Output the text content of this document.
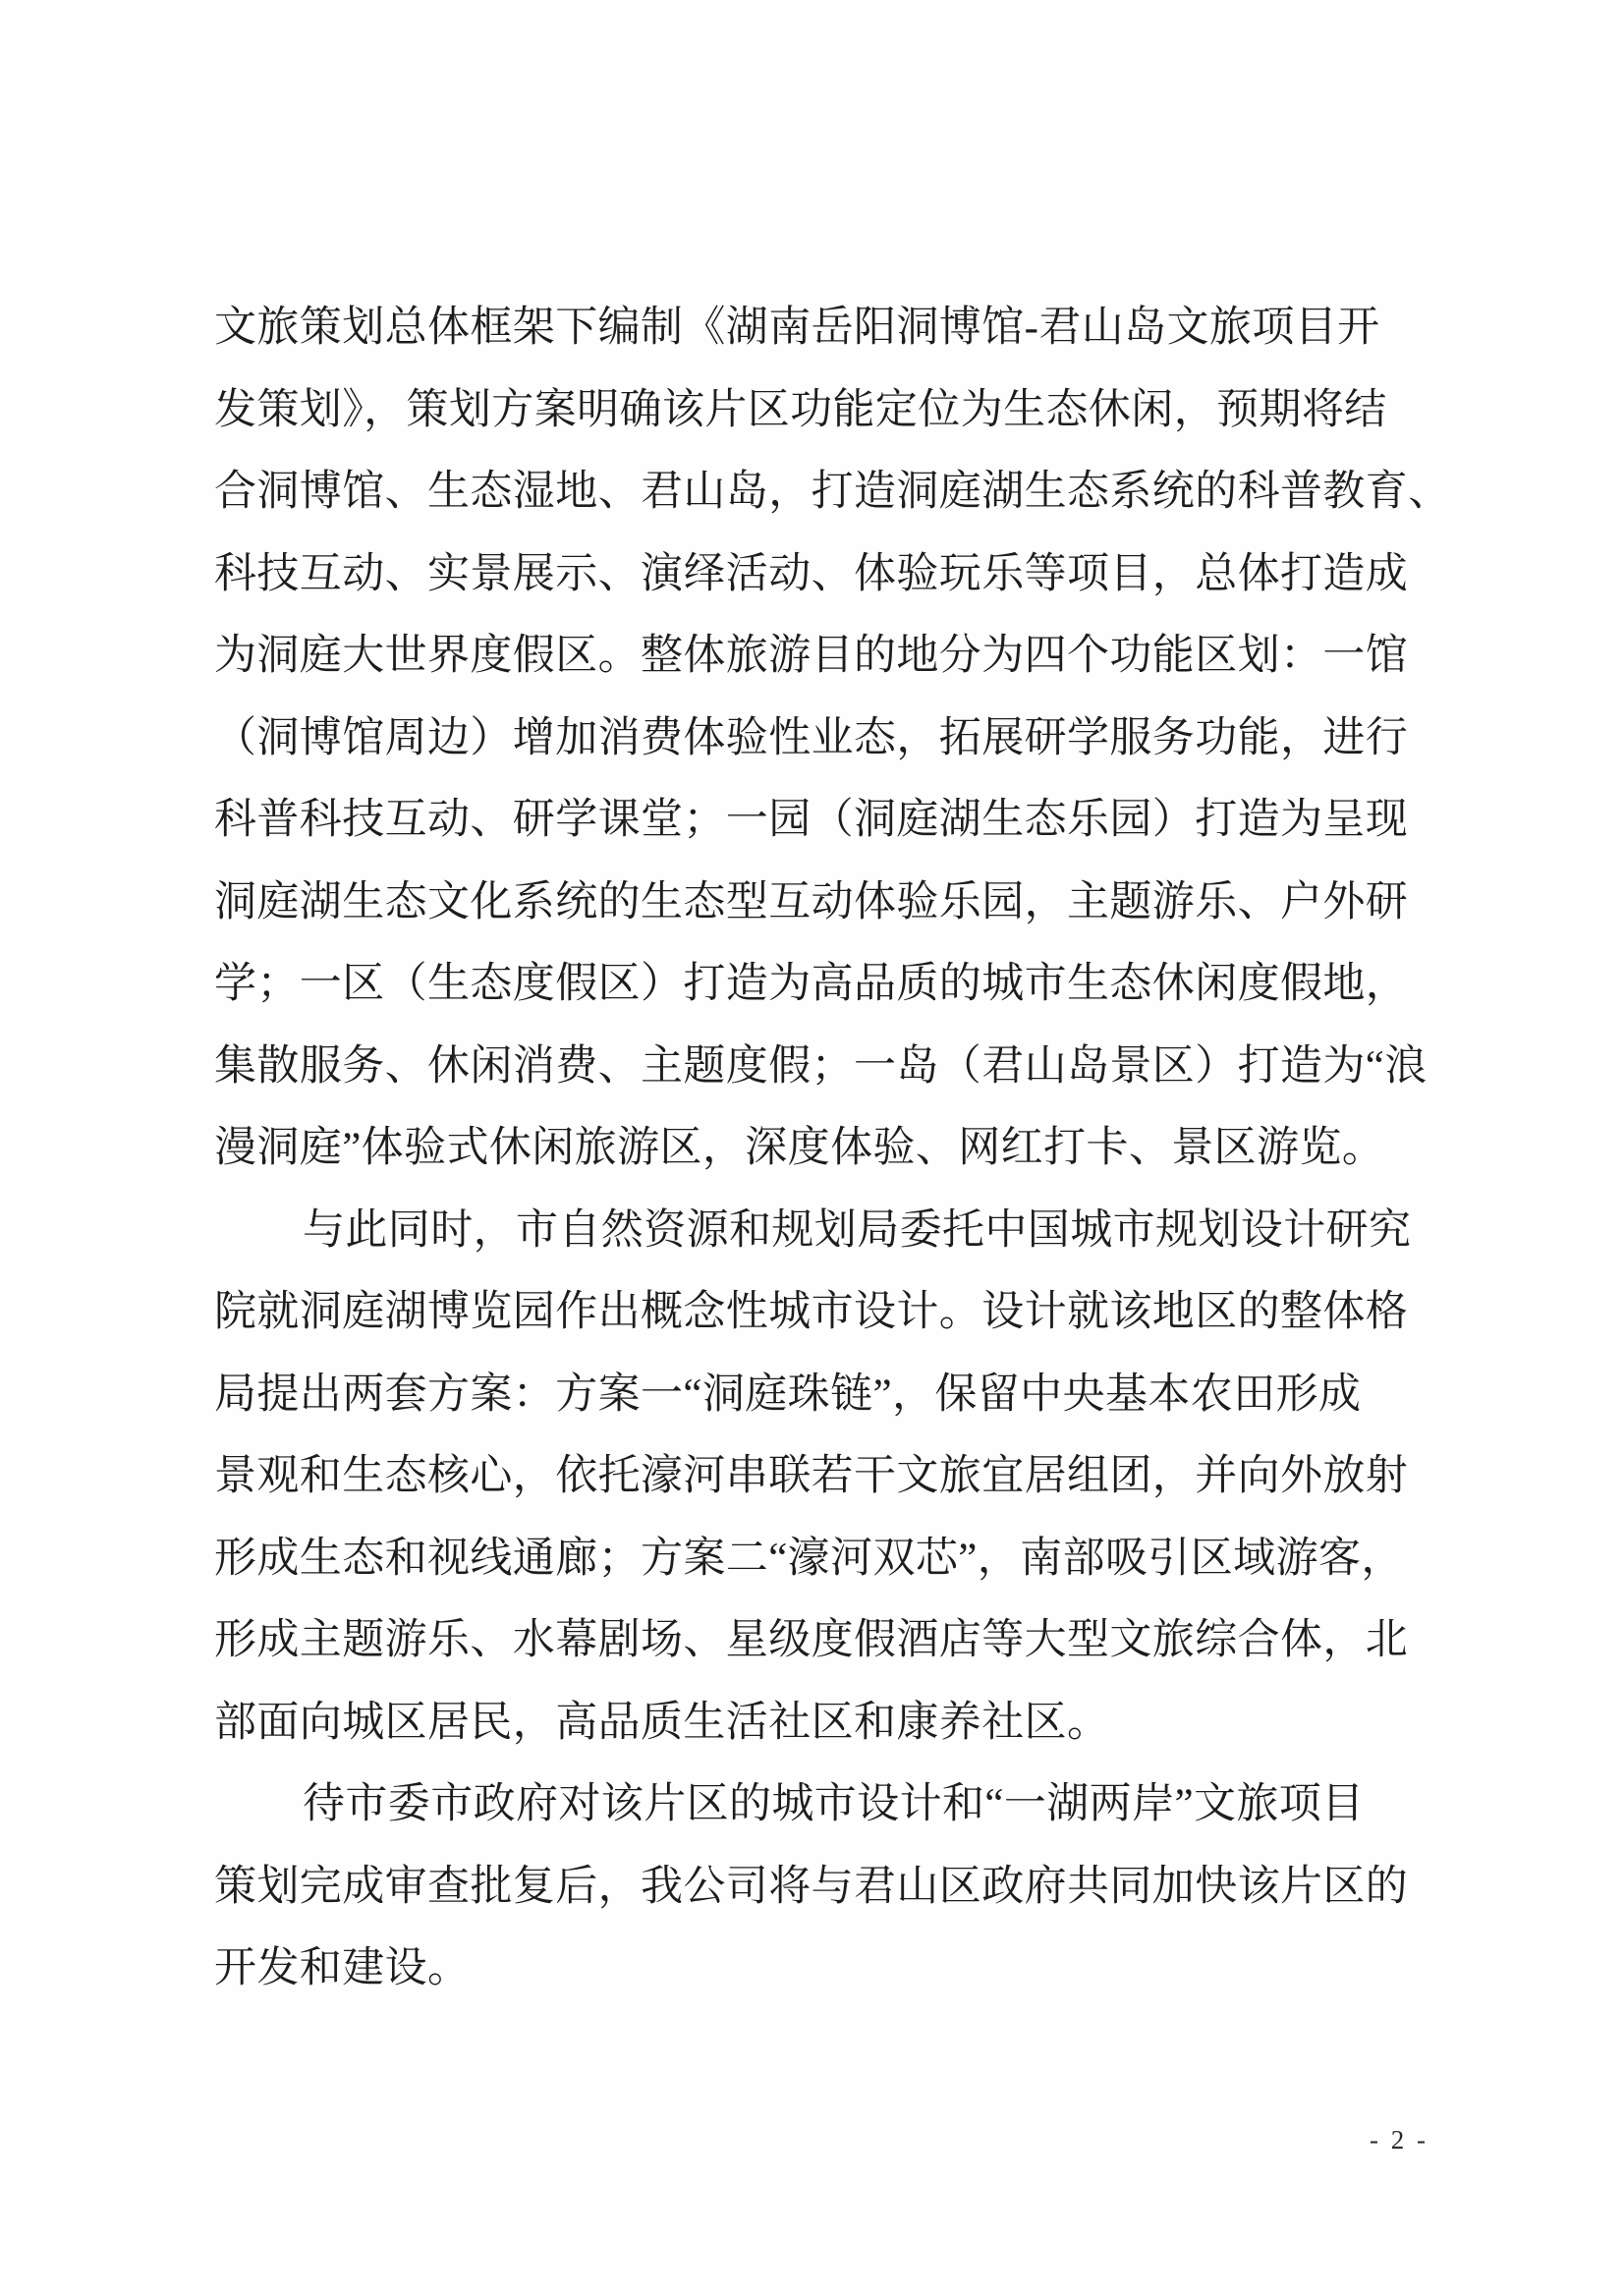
文旅策划总体框架下编制《湖南岳阳洞博馆-君山岛文旅项目开
发策划》，策划方案明确该片区功能定位为生态休闲，预期将结
合洞博馆、生态湿地、君山岛，打造洞庭湖生态系统的科普教育、
科技互动、实景展示、演绎活动、体验玩乐等项目，总体打造成
为洞庭大世界度假区。整体旅游目的地分为四个功能区划：一馆
（洞博馆周边）增加消费体验性业态，拓展研学服务功能，进行
科普科技互动、研学课堂；一园（洞庭湖生态乐园）打造为呈现
洞庭湖生态文化系统的生态型互动体验乐园，主题游乐、户外研
学；一区（生态度假区）打造为高品质的城市生态休闲度假地，
集散服务、休闲消费、主题度假；一岛（君山岛景区）打造为“浪
漫洞庭”体验式休闲旅游区，深度体验、网红打卡、景区游览。
与此同时，市自然资源和规划局委托中国城市规划设计研究
院就洞庭湖博览园作出概念性城市设计。设计就该地区的整体格
局提出两套方案：方案一“洞庭珠链”，保留中央基本农田形成
景观和生态核心，依托濠河串联若干文旅宜居组团，并向外放射
形成生态和视线通廊；方案二“濠河双芯”，南部吸引区域游客，
形成主题游乐、水幕剧场、星级度假酒店等大型文旅综合体，北
部面向城区居民，高品质生活社区和康养社区。
待市委市政府对该片区的城市设计和“一湖两岸”文旅项目
策划完成审查批复后，我公司将与君山区政府共同加快该片区的
开发和建设。
- 2 -
